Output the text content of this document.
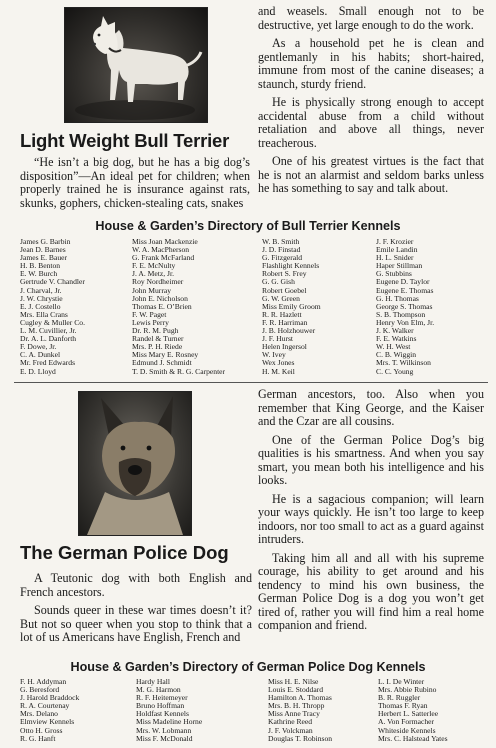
Light Weight Bull Terrier

“He isn’t a big dog, but he has a big dog’s disposition”—An ideal pet for children; when properly trained he is insurance against rats, skunks, gophers, chicken-stealing cats, snakes

and weasels. Small enough not to be destructive, yet large enough to do the work.

As a household pet he is clean and gentlemanly in his habits; short-haired, immune from most of the canine diseases; a staunch, sturdy friend.

He is physically strong enough to accept accidental abuse from a child without retaliation and above all things, never treacherous.

One of his greatest virtues is the fact that he is not an alarmist and seldom barks unless he has something to say and talk about.

House & Garden’s Directory of Bull Terrier Kennels
James G. Barbin
Jean D. Barnes
James E. Bauer
H. B. Benton
E. W. Burch
Gertrude V. Chandler
J. Charval, Jr.
J. W. Chrystie
E. J. Costello
Mrs. Ella Crans
Cugley & Muller Co.
L. M. Cuvillier, Jr.
Dr. A. L. Danforth
F. Dowe, Jr.
C. A. Dunkel
Mr. Fred Edwards
E. D. Lloyd
Miss Joan Mackenzie
W. A. MacPherson
G. Frank McFarland
F. E. McNulty
J. A. Metz, Jr.
Roy Nordheimer
John Murray
John E. Nicholson
Thomas E. O’Brien
F. W. Paget
Lewis Perry
Dr. R. M. Pugh
Randel & Turner
Mrs. P. H. Riede
Miss Mary E. Rosney
Edmund J. Schmidt
T. D. Smith & R. G. Carpenter
W. B. Smith
J. D. Finstad
G. Fitzgerald
Flashlight Kennels
Robert S. Frey
G. G. Gish
Robert Goebel
G. W. Green
Miss Emily Groom
R. R. Hazlett
F. R. Harriman
J. B. Holzhouwer
J. F. Hurst
Helen Ingersol
W. Ivey
Wex Jones
H. M. Keil
J. F. Krozier
Emile Landin
H. L. Snider
Haper Stillman
G. Stubbins
Eugene D. Taylor
Eugene E. Thomas
G. H. Thomas
George S. Thomas
S. B. Thompson
Henry Von Elm, Jr.
J. K. Walker
F. E. Watkins
W. H. West
C. B. Wiggin
Mrs. T. Wilkinson
C. C. Young
The German Police Dog

A Teutonic dog with both English and French ancestors.

Sounds queer in these war times doesn’t it? But not so queer when you stop to think that a lot of us Americans have English, French and

German ancestors, too. Also when you remember that King George, and the Kaiser and the Czar are all cousins.

One of the German Police Dog’s big qualities is his smartness. And when you say smart, you mean both his intelligence and his looks.

He is a sagacious companion; will learn your ways quickly. He isn’t too large to keep indoors, nor too small to act as a guard against intruders.

Taking him all and all with his supreme courage, his ability to get around and his tendency to mind his own business, the German Police Dog is a dog you won’t get tired of, rather you will find him a real home companion and friend.

House & Garden’s Directory of German Police Dog Kennels
F. H. Addyman
G. Beresford
J. Harold Braddock
R. A. Courtenay
Mrs. Delano
Elmview Kennels
Otto H. Gross
R. G. Hanft
Hardy Hall
M. G. Harmon
R. F. Heitemeyer
Bruno Hoffman
Holdfast Kennels
Miss Madeline Horne
Mrs. W. Lobmann
Miss F. McDonald
Miss H. E. Nilse
Louis E. Stoddard
Hamilton A. Thomas
Mrs. B. H. Thropp
Miss Anne Tracy
Kathrine Reed
J. F. Volckman
Douglas T. Robinson
L. I. De Winter
Mrs. Abbie Rubino
B. R. Ruggler
Thomas F. Ryan
Herbert L. Satterlee
A. Von Formacher
Whiteside Kennels
Mrs. C. Halstead Yates
